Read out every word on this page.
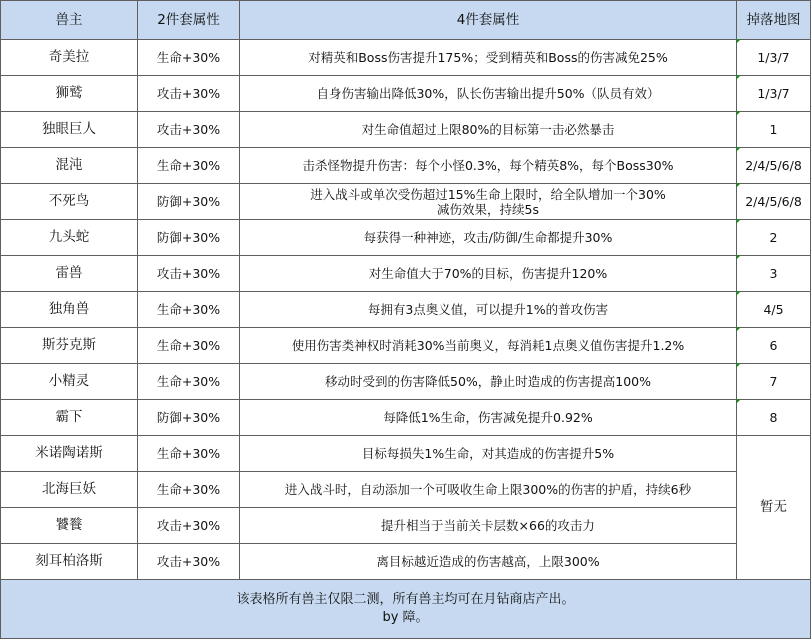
兽主	2件套属性	4件套属性	掉落地图
奇美拉	生命+30%	对精英和Boss伤害提升175%；受到精英和Boss的伤害减免25%	1/3/7
狮鹫	攻击+30%	自身伤害输出降低30%，队长伤害输出提升50%（队员有效）	1/3/7
独眼巨人	攻击+30%	对生命值超过上限80%的目标第一击必然暴击	1
混沌	生命+30%	击杀怪物提升伤害：每个小怪0.3%，每个精英8%，每个Boss30%	2/4/5/6/8
不死鸟	防御+30%	进入战斗或单次受伤超过15%生命上限时，给全队增加一个30%减伤效果，持续5s	2/4/5/6/8
九头蛇	防御+30%	每获得一种神迹，攻击/防御/生命都提升30%	2
雷兽	攻击+30%	对生命值大于70%的目标，伤害提升120%	3
独角兽	生命+30%	每拥有3点奥义值，可以提升1%的普攻伤害	4/5
斯芬克斯	生命+30%	使用伤害类神权时消耗30%当前奥义，每消耗1点奥义值伤害提升1.2%	6
小精灵	生命+30%	移动时受到的伤害降低50%，静止时造成的伤害提高100%	7
霸下	防御+30%	每降低1%生命，伤害减免提升0.92%	8
米诺陶诺斯	生命+30%	目标每损失1%生命，对其造成的伤害提升5%	暂无
北海巨妖	生命+30%	进入战斗时，自动添加一个可吸收生命上限300%的伤害的护盾，持续6秒	
饕餮	攻击+30%	提升相当于当前关卡层数×66的攻击力	
刻耳柏洛斯	攻击+30%	离目标越近造成的伤害越高，上限300%	

该表格所有兽主仅限二测，所有兽主均可在月钻商店产出。
by 障。			
